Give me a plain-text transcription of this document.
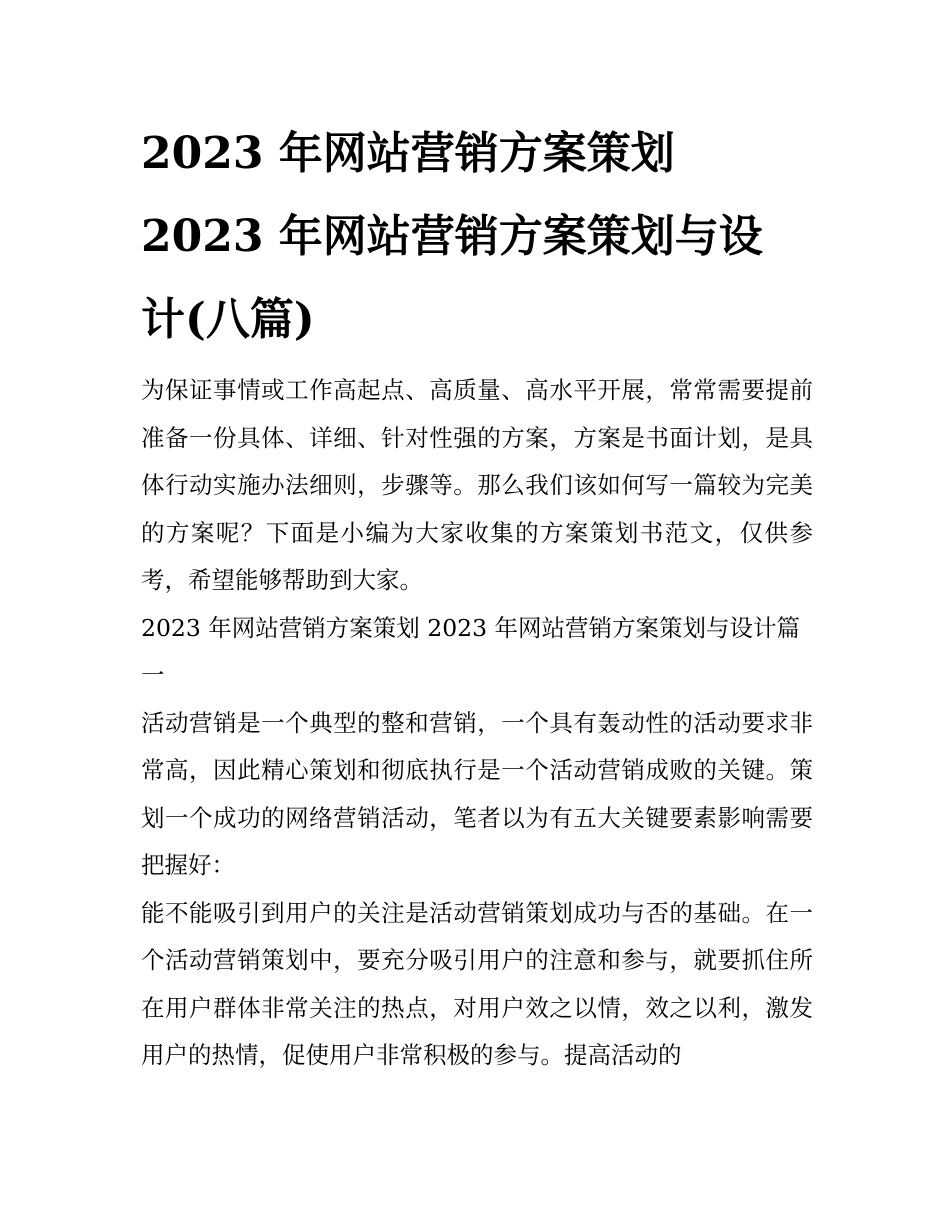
2023 年网站营销方案策划
2023 年网站营销方案策划与设
计(八篇)

为保证事情或工作高起点、高质量、高水平开展，常常需要提前准备一份具体、详细、针对性强的方案，方案是书面计划，是具体行动实施办法细则，步骤等。那么我们该如何写一篇较为完美的方案呢？下面是小编为大家收集的方案策划书范文，仅供参考，希望能够帮助到大家。

2023 年网站营销方案策划 2023 年网站营销方案策划与设计篇一

活动营销是一个典型的整和营销，一个具有轰动性的活动要求非常高，因此精心策划和彻底执行是一个活动营销成败的关键。策划一个成功的网络营销活动，笔者以为有五大关键要素影响需要把握好：

能不能吸引到用户的关注是活动营销策划成功与否的基础。在一个活动营销策划中，要充分吸引用户的注意和参与，就要抓住所在用户群体非常关注的热点，对用户效之以情，效之以利，激发用户的热情，促使用户非常积极的参与。提高活动的
